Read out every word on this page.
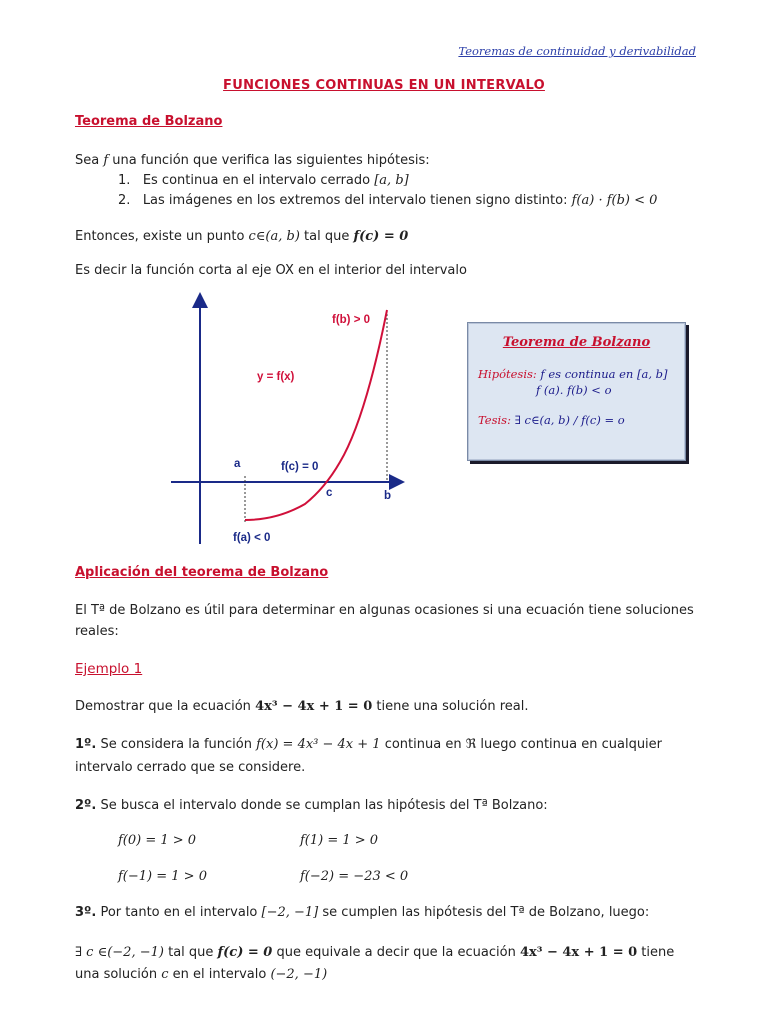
Teoremas de continuidad y derivabilidad
FUNCIONES CONTINUAS EN UN INTERVALO
Teorema de Bolzano
Sea f una función que verifica las siguientes hipótesis:
1. Es continua en el intervalo cerrado [a, b]
2. Las imágenes en los extremos del intervalo tienen signo distinto: f(a) · f(b) < 0
Entonces, existe un punto c∈(a, b) tal que f(c) = 0
Es decir la función corta al eje OX en el interior del intervalo
f(b) > 0
y = f(x)
a	f(c) = 0
c	b
f(a) < 0
Teorema de Bolzano
Hipótesis: f es continua en [a, b]
f (a). f(b) < o
Tesis: ∃ c∈(a, b) / f(c) = o
Aplicación del teorema de Bolzano
El Tª de Bolzano es útil para determinar en algunas ocasiones si una ecuación tiene soluciones
reales:
Ejemplo 1
Demostrar que la ecuación 4x³ − 4x + 1 = 0 tiene una solución real.
1º. Se considera la función f(x) = 4x³ − 4x + 1 continua en ℜ luego continua en cualquier
intervalo cerrado que se considere.
2º. Se busca el intervalo donde se cumplan las hipótesis del Tª Bolzano:
f(0) = 1 > 0	f(1) = 1 > 0
f(−1) = 1 > 0	f(−2) = −23 < 0
3º. Por tanto en el intervalo [−2, −1] se cumplen las hipótesis del Tª de Bolzano, luego:
∃ c ∈(−2, −1) tal que f(c) = 0 que equivale a decir que la ecuación 4x³ − 4x + 1 = 0 tiene
una solución c en el intervalo (−2, −1)
